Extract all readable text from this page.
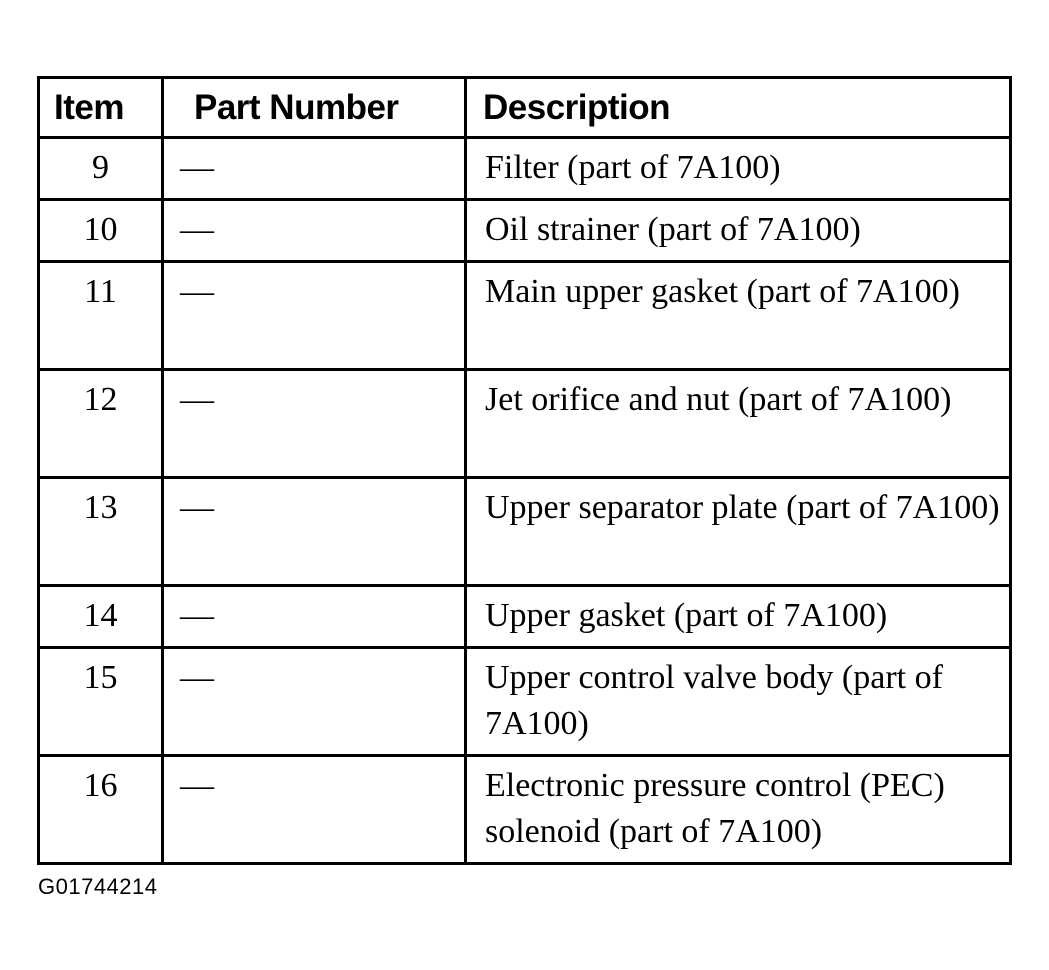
Item	Part Number	Description
9	—	Filter (part of 7A100)
10	—	Oil strainer (part of 7A100)
11	—	Main upper gasket (part of 7A100)
12	—	Jet orifice and nut (part of 7A100)
13	—	Upper separator plate (part of 7A100)
14	—	Upper gasket (part of 7A100)
15	—	Upper control valve body (part of 7A100)
16	—	Electronic pressure control (PEC) solenoid (part of 7A100)
G01744214
